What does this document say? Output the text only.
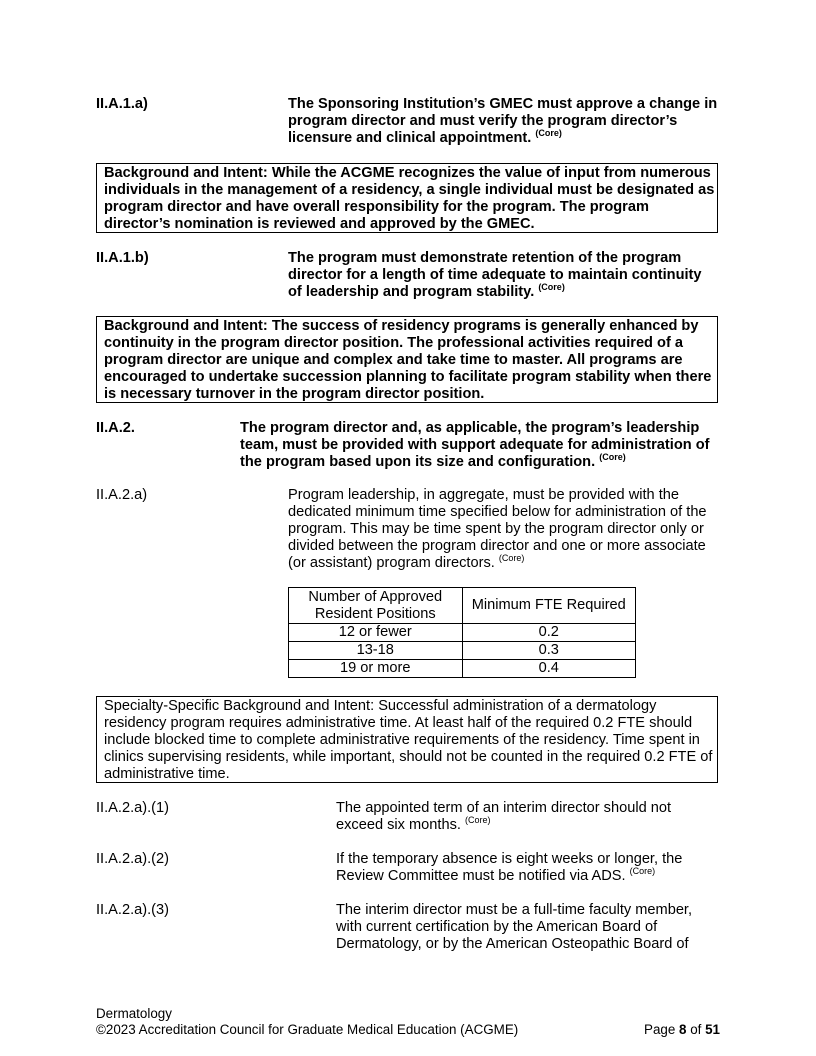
II.A.1.a)	The Sponsoring Institution’s GMEC must approve a change in program director and must verify the program director’s licensure and clinical appointment. $^{(Core)}$
Background and Intent: While the ACGME recognizes the value of input from numerous individuals in the management of a residency, a single individual must be designated as program director and have overall responsibility for the program. The program director’s nomination is reviewed and approved by the GMEC.
II.A.1.b)	The program must demonstrate retention of the program director for a length of time adequate to maintain continuity of leadership and program stability. $^{(Core)}$
Background and Intent: The success of residency programs is generally enhanced by continuity in the program director position. The professional activities required of a program director are unique and complex and take time to master. All programs are encouraged to undertake succession planning to facilitate program stability when there is necessary turnover in the program director position.
II.A.2.	The program director and, as applicable, the program’s leadership team, must be provided with support adequate for administration of the program based upon its size and configuration. $^{(Core)}$
II.A.2.a)	Program leadership, in aggregate, must be provided with the dedicated minimum time specified below for administration of the program. This may be time spent by the program director only or divided between the program director and one or more associate (or assistant) program directors. $^{(Core)}$
Number of Approved Resident Positions	Minimum FTE Required
12 or fewer	0.2
13-18	0.3
19 or more	0.4
Specialty-Specific Background and Intent: Successful administration of a dermatology residency program requires administrative time. At least half of the required 0.2 FTE should include blocked time to complete administrative requirements of the residency. Time spent in clinics supervising residents, while important, should not be counted in the required 0.2 FTE of administrative time.
II.A.2.a).(1)	The appointed term of an interim director should not exceed six months. $^{(Core)}$
II.A.2.a).(2)	If the temporary absence is eight weeks or longer, the Review Committee must be notified via ADS. $^{(Core)}$
II.A.2.a).(3)	The interim director must be a full-time faculty member, with current certification by the American Board of Dermatology, or by the American Osteopathic Board of
Dermatology
©2023 Accreditation Council for Graduate Medical Education (ACGME)	Page 8 of 51
